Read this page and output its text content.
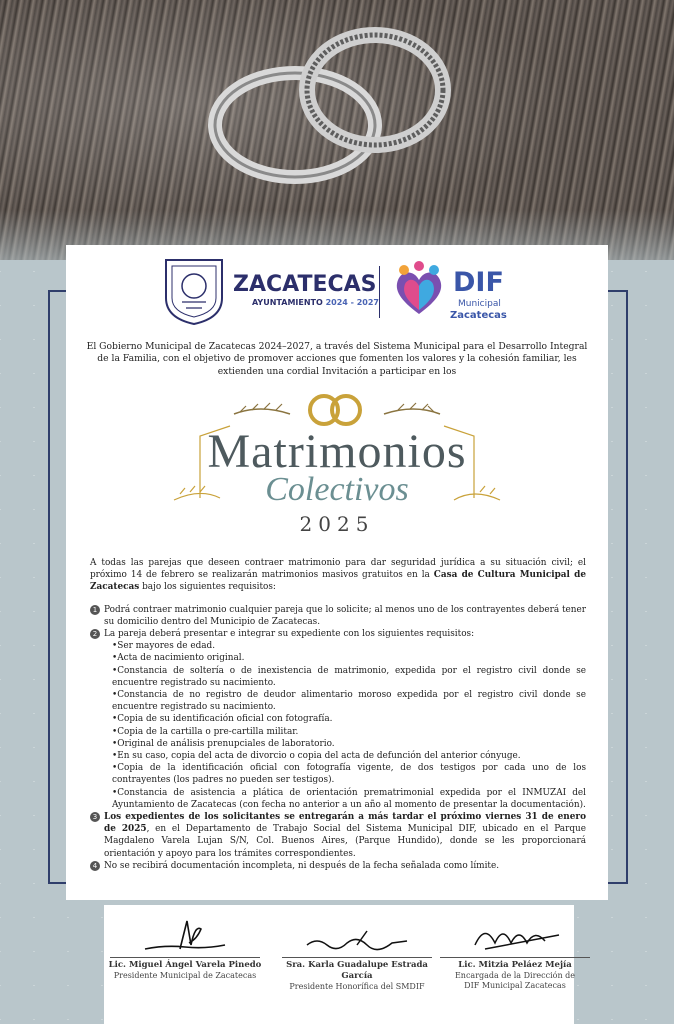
ZACATECAS
AYUNTAMIENTO 2024 - 2027
DIF
Municipal
Zacatecas
El Gobierno Municipal de Zacatecas 2024–2027, a través del Sistema Municipal para el Desarrollo Integral de la Familia, con el objetivo de promover acciones que fomenten los valores y la cohesión familiar, les extienden una cordial Invitación a participar en los
Matrimonios
Colectivos
2025

A todas las parejas que deseen contraer matrimonio para dar seguridad jurídica a su situación civil; el próximo 14 de febrero se realizarán matrimonios masivos gratuitos en la Casa de Cultura Municipal de Zacatecas bajo los siguientes requisitos:

1 Podrá contraer matrimonio cualquier pareja que lo solicite; al menos uno de los contrayentes deberá tener su domicilio dentro del Municipio de Zacatecas.

2 La pareja deberá presentar e integrar su expediente con los siguientes requisitos:

•Ser mayores de edad.

•Acta de nacimiento original.

•Constancia de soltería o de inexistencia de matrimonio, expedida por el registro civil donde se encuentre registrado su nacimiento.

•Constancia de no registro de deudor alimentario moroso expedida por el registro civil donde se encuentre registrado su nacimiento.

•Copia de su identificación oficial con fotografía.

•Copia de la cartilla o pre-cartilla militar.

•Original de análisis prenupciales de laboratorio.

•En su caso, copia del acta de divorcio o copia del acta de defunción del anterior cónyuge.

•Copia de la identificación oficial con fotografía vigente, de dos testigos por cada uno de los contrayentes (los padres no pueden ser testigos).

•Constancia de asistencia a plática de orientación prematrimonial expedida por el INMUZAI del Ayuntamiento de Zacatecas (con fecha no anterior a un año al momento de presentar la documentación).

3 Los expedientes de los solicitantes se entregarán a más tardar el próximo viernes 31 de enero de 2025, en el Departamento de Trabajo Social del Sistema Municipal DIF, ubicado en el Parque Magdaleno Varela Lujan S/N, Col. Buenos Aires, (Parque Hundido), donde se les proporcionará orientación y apoyo para los trámites correspondientes.

4 No se recibirá documentación incompleta, ni después de la fecha señalada como límite.

Lic. Miguel Ángel Varela Pinedo
Presidente Municipal de Zacatecas
Sra. Karla Guadalupe Estrada García
Presidente Honorífica del SMDIF
Lic. Mitzia Peláez Mejía
Encargada de la Dirección de
DIF Municipal Zacatecas
